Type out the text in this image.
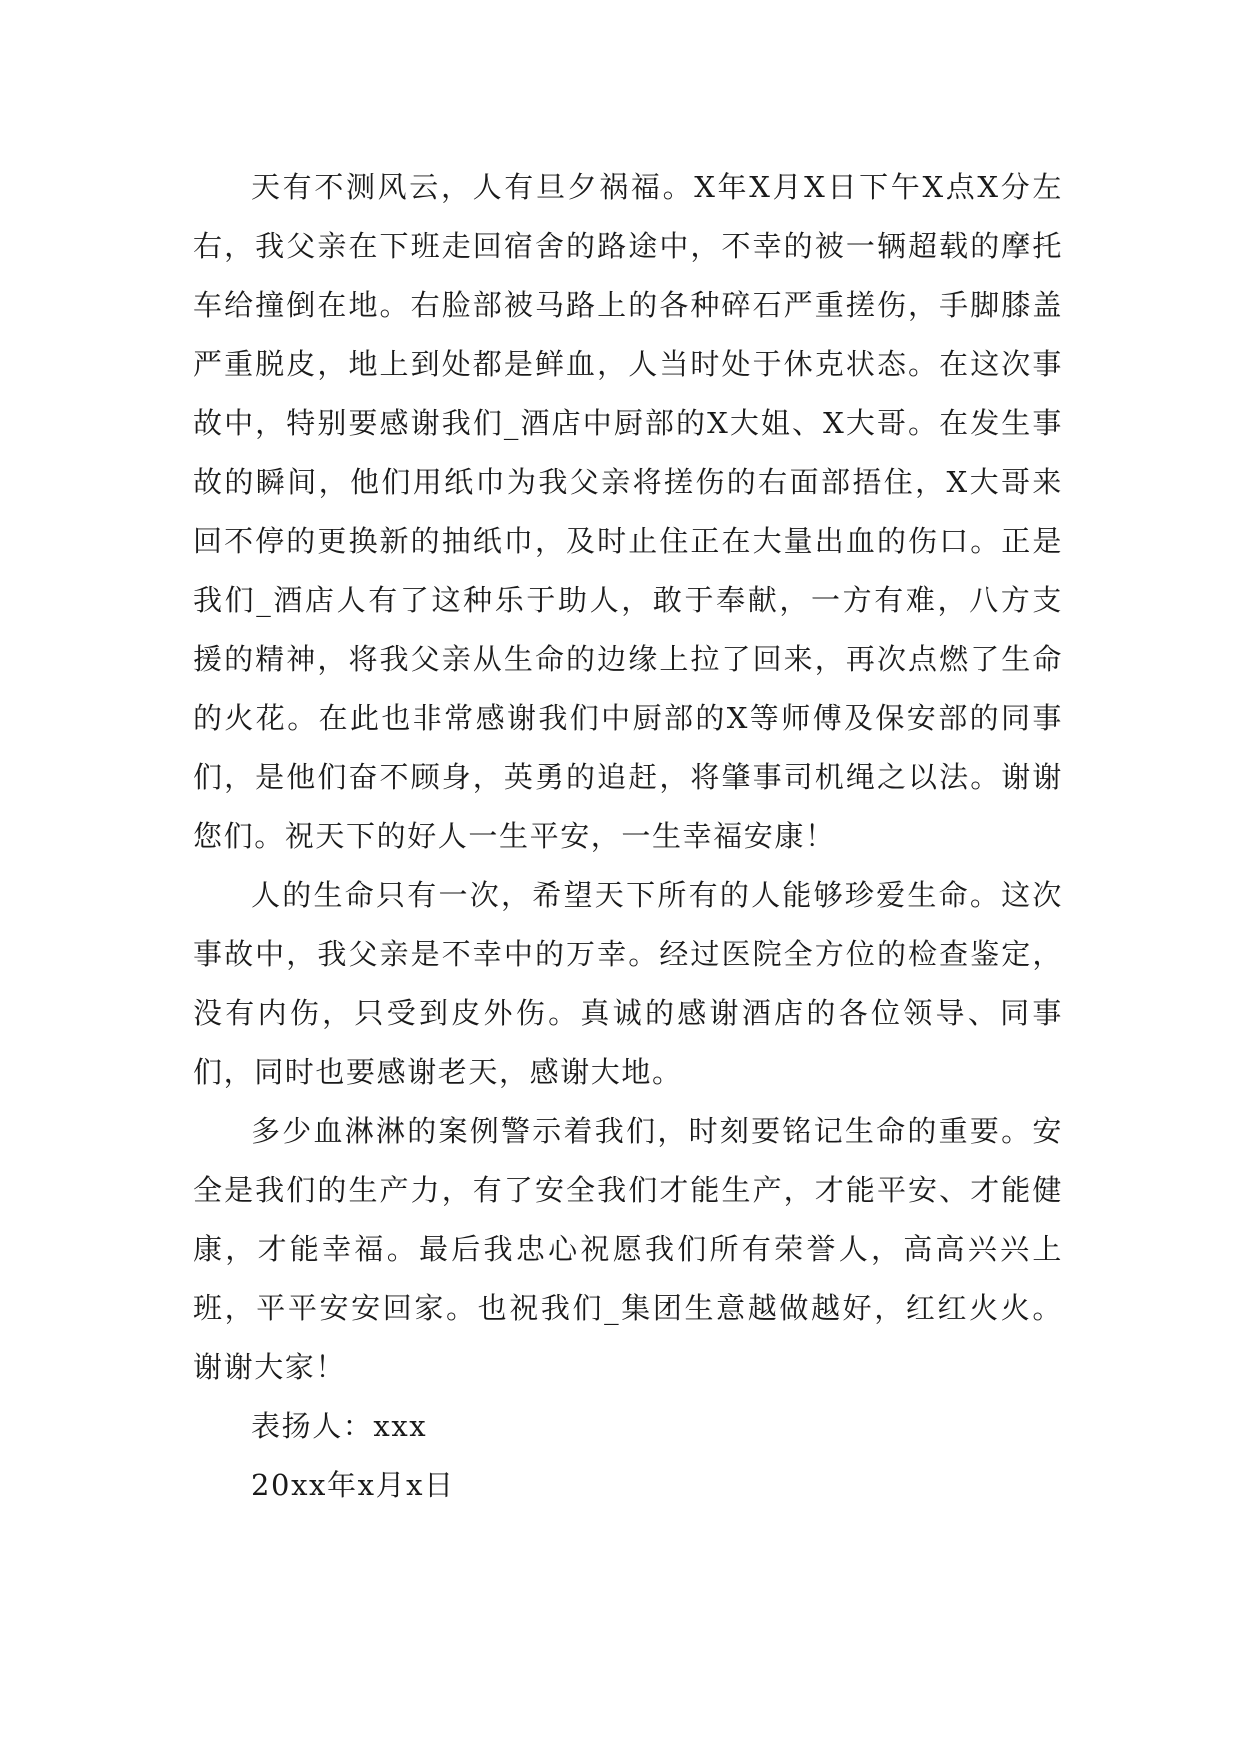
天有不测风云，人有旦夕祸福。X年X月X日下午X点X分左右，我父亲在下班走回宿舍的路途中，不幸的被一辆超载的摩托车给撞倒在地。右脸部被马路上的各种碎石严重搓伤，手脚膝盖严重脱皮，地上到处都是鲜血，人当时处于休克状态。在这次事故中，特别要感谢我们_酒店中厨部的X大姐、X大哥。在发生事故的瞬间，他们用纸巾为我父亲将搓伤的右面部捂住，X大哥来回不停的更换新的抽纸巾，及时止住正在大量出血的伤口。正是我们_酒店人有了这种乐于助人，敢于奉献，一方有难，八方支援的精神，将我父亲从生命的边缘上拉了回来，再次点燃了生命的火花。在此也非常感谢我们中厨部的X等师傅及保安部的同事们，是他们奋不顾身，英勇的追赶，将肇事司机绳之以法。谢谢您们。祝天下的好人一生平安，一生幸福安康！

人的生命只有一次，希望天下所有的人能够珍爱生命。这次事故中，我父亲是不幸中的万幸。经过医院全方位的检查鉴定，没有内伤，只受到皮外伤。真诚的感谢酒店的各位领导、同事们，同时也要感谢老天，感谢大地。

多少血淋淋的案例警示着我们，时刻要铭记生命的重要。安全是我们的生产力，有了安全我们才能生产，才能平安、才能健康，才能幸福。最后我忠心祝愿我们所有荣誉人，高高兴兴上班，平平安安回家。也祝我们_集团生意越做越好，红红火火。谢谢大家！

表扬人：xxx

20xx年x月x日
